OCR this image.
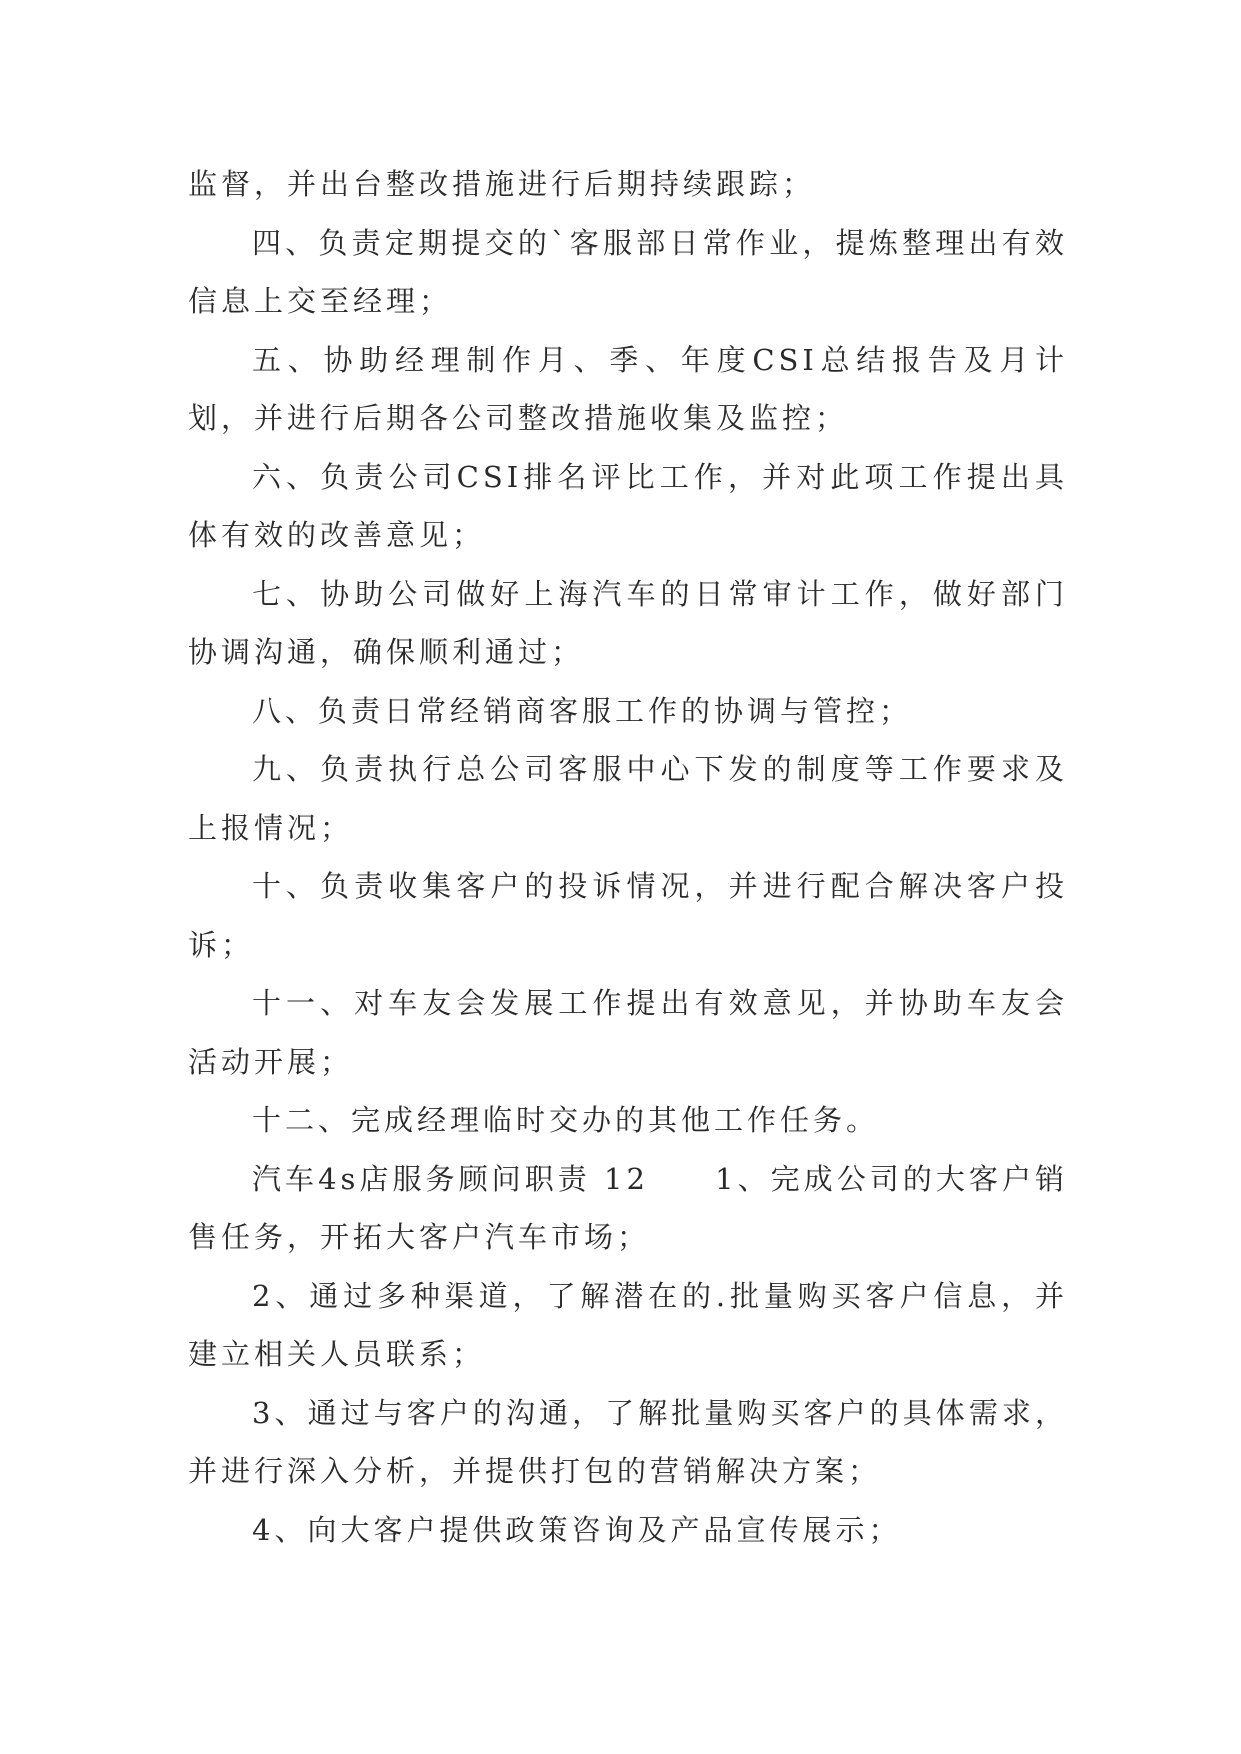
监督，并出台整改措施进行后期持续跟踪；

四、负责定期提交的`客服部日常作业，提炼整理出有效信息上交至经理；

五、协助经理制作月、季、年度CSI总结报告及月计划，并进行后期各公司整改措施收集及监控；

六、负责公司CSI排名评比工作，并对此项工作提出具体有效的改善意见；

七、协助公司做好上海汽车的日常审计工作，做好部门协调沟通，确保顺利通过；

八、负责日常经销商客服工作的协调与管控；

九、负责执行总公司客服中心下发的制度等工作要求及上报情况；

十、负责收集客户的投诉情况，并进行配合解决客户投诉；

十一、对车友会发展工作提出有效意见，并协助车友会活动开展；

十二、完成经理临时交办的其他工作任务。

汽车4s店服务顾问职责 12　　1、完成公司的大客户销售任务，开拓大客户汽车市场；

2、通过多种渠道，了解潜在的.批量购买客户信息，并建立相关人员联系；

3、通过与客户的沟通，了解批量购买客户的具体需求，并进行深入分析，并提供打包的营销解决方案；

4、向大客户提供政策咨询及产品宣传展示；
